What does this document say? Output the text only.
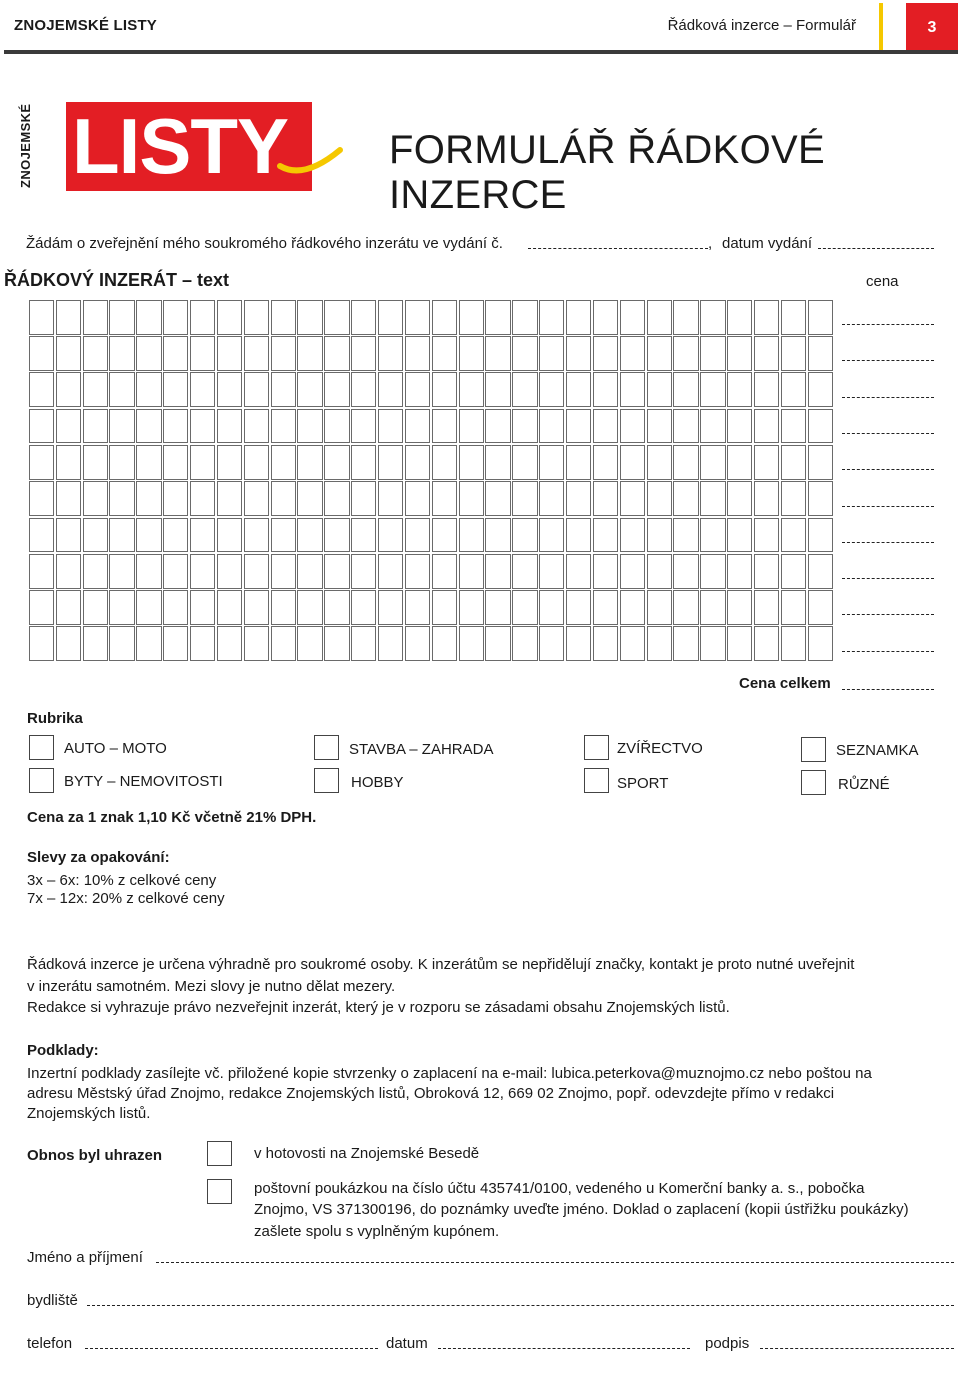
ZNOJEMSKÉ LISTY	Řádková inzerce – Formulář	3
ZNOJEMSKÉ LISTY	FORMULÁŘ ŘÁDKOVÉ INZERCE
Žádám o zveřejnění mého soukromého řádkového inzerátu ve vydání č.	, datum vydání
ŘÁDKOVÝ INZERÁT – text	cena
Cena celkem
Rubrika
AUTO – MOTO
BYTY – NEMOVITOSTI
STAVBA – ZAHRADA
HOBBY
ZVÍŘECTVO
SPORT
SEZNAMKA
RŮZNÉ
Cena za 1 znak 1,10 Kč včetně 21% DPH.
Slevy za opakování:
3x – 6x: 10% z celkové ceny
7x – 12x: 20% z celkové ceny
Řádková inzerce je určena výhradně pro soukromé osoby. K inzerátům se nepřidělují značky, kontakt je proto nutné uveřejnit
v inzerátu samotném. Mezi slovy je nutno dělat mezery.
Redakce si vyhrazuje právo nezveřejnit inzerát, který je v rozporu se zásadami obsahu Znojemských listů.
Podklady:
Inzertní podklady zasílejte vč. přiložené kopie stvrzenky o zaplacení na e-mail: lubica.peterkova@muznojmo.cz nebo poštou na
adresu Městský úřad Znojmo, redakce Znojemských listů, Obroková 12, 669 02 Znojmo, popř. odevzdejte přímo v redakci
Znojemských listů.
Obnos byl uhrazen	v hotovosti na Znojemské Besedě
poštovní poukázkou na číslo účtu 435741/0100, vedeného u Komerční banky a. s., pobočka
Znojmo, VS 371300196, do poznámky uveďte jméno. Doklad o zaplacení (kopii ústřižku poukázky)
zašlete spolu s vyplněným kupónem.
Jméno a příjmení
bydliště
telefon	datum	podpis
